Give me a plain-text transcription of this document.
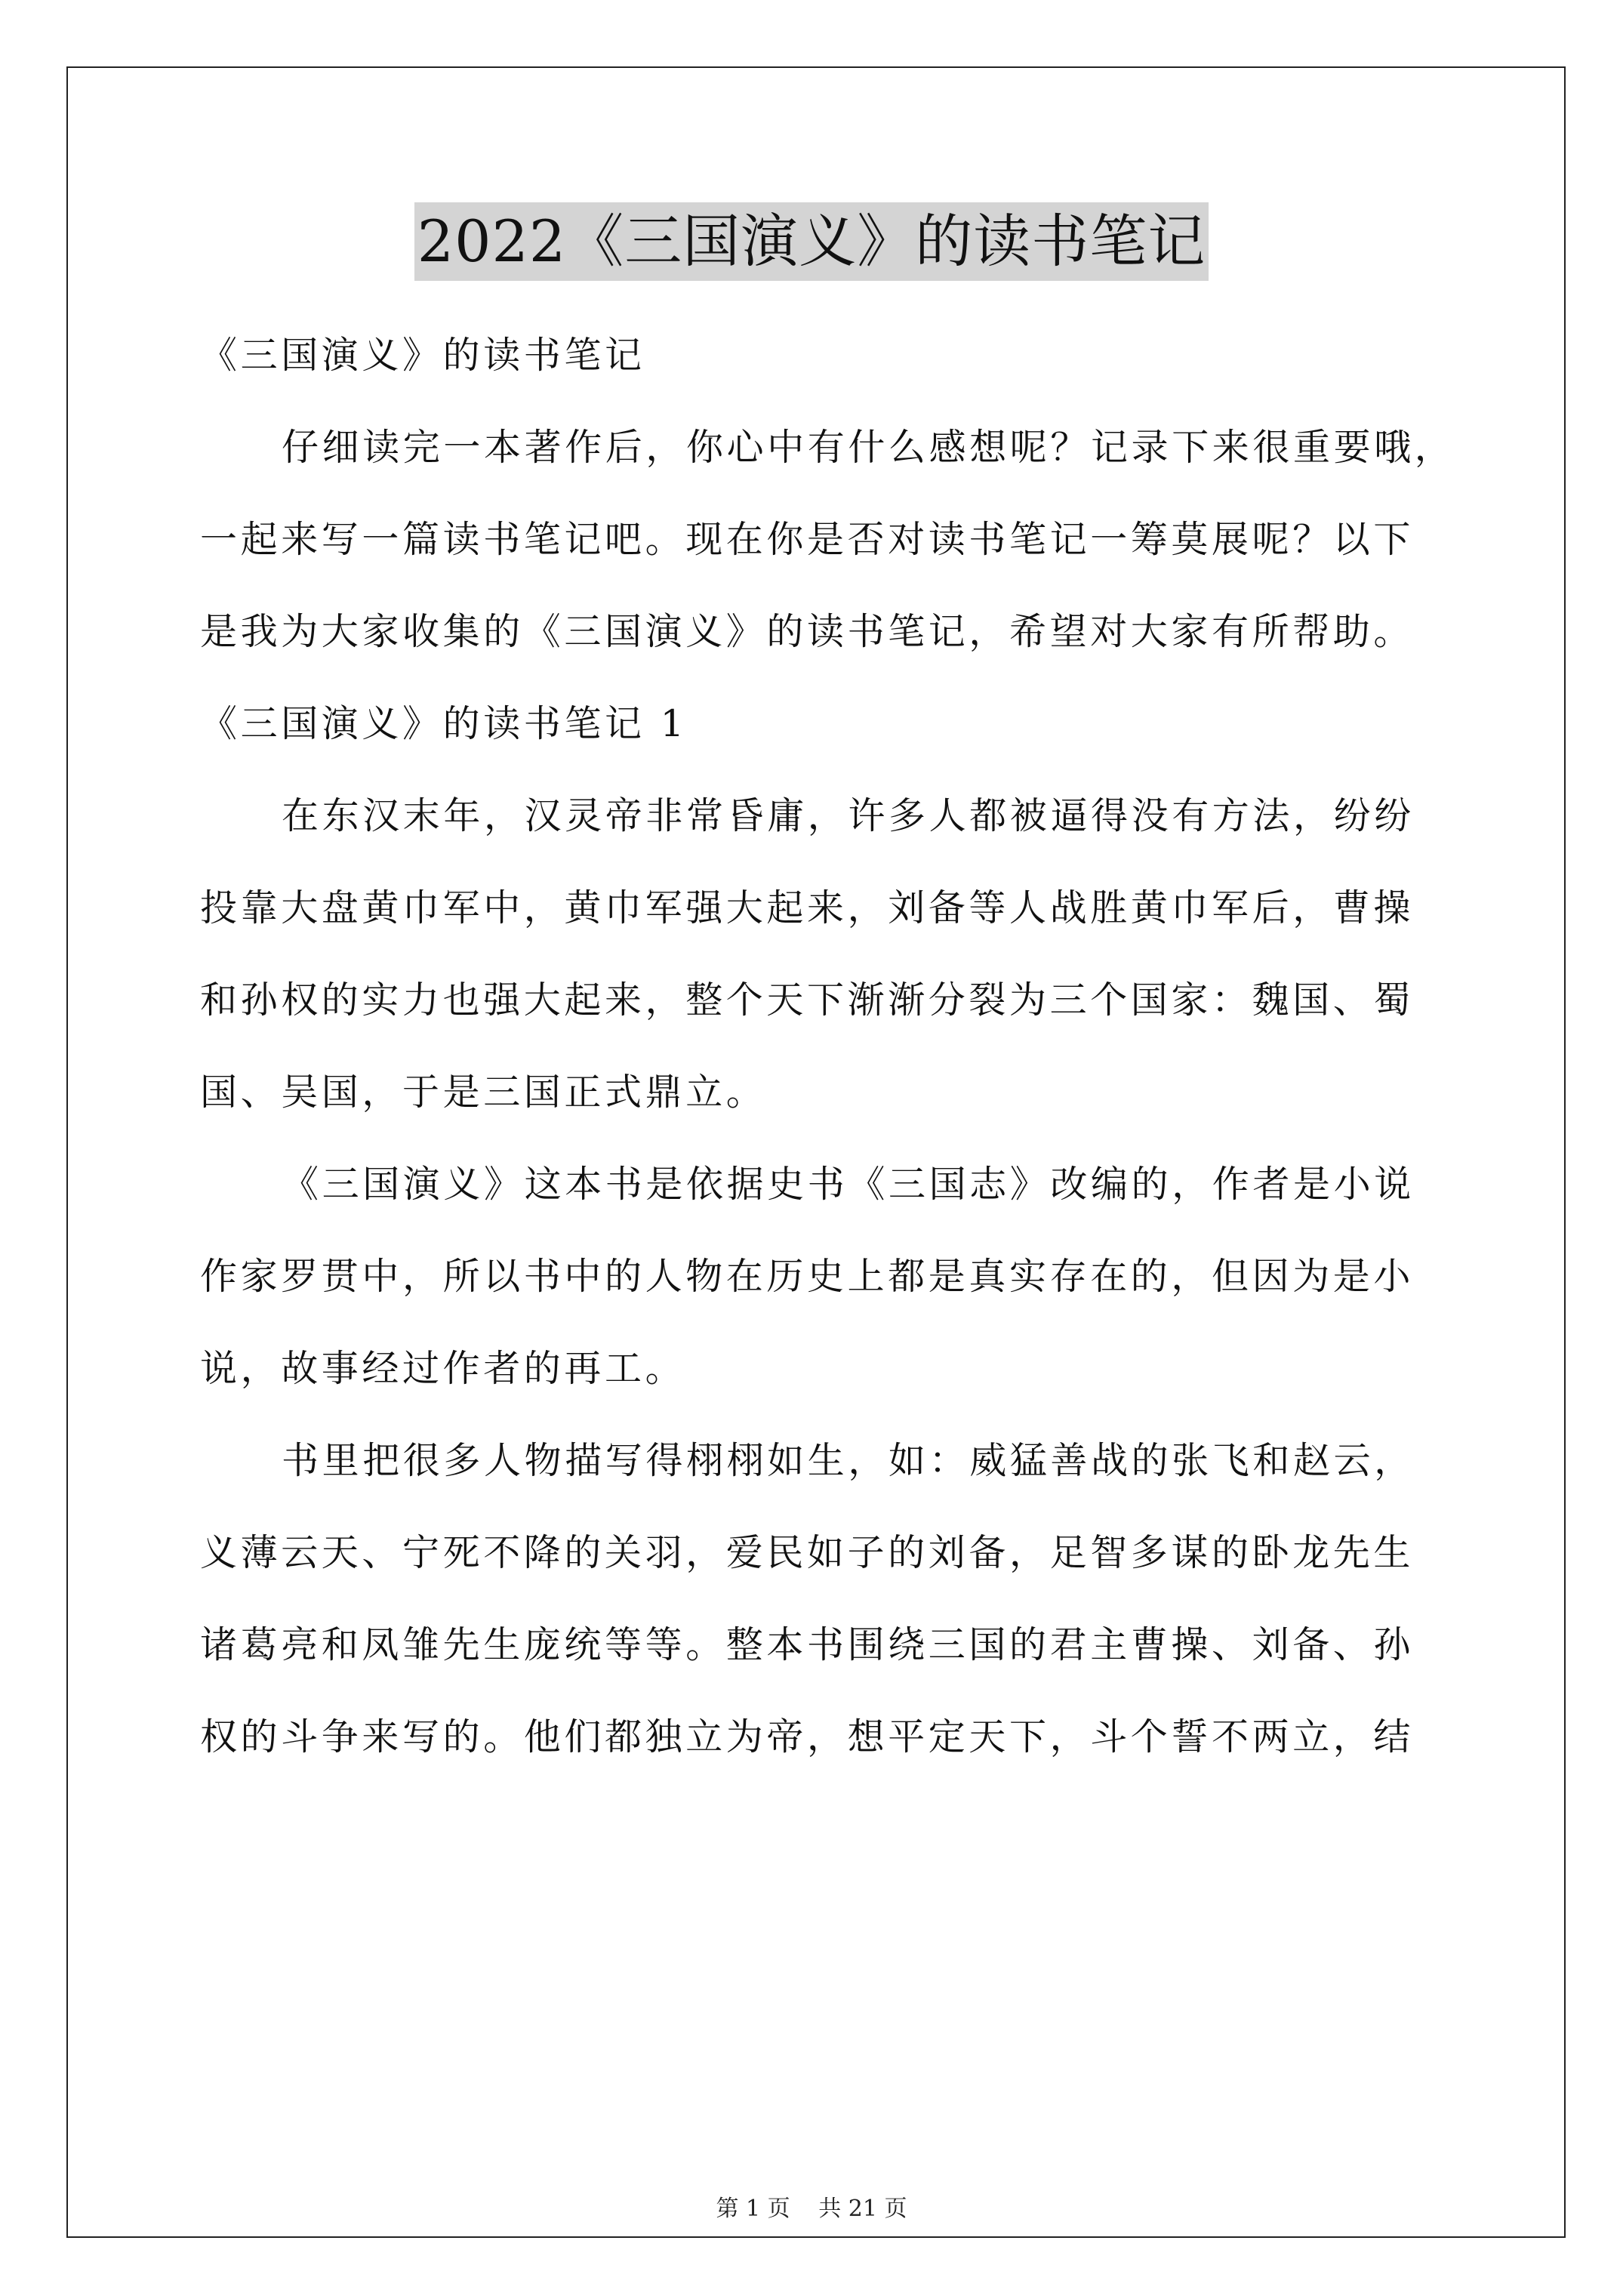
2022《三国演义》的读书笔记
《三国演义》的读书笔记
仔细读完一本著作后，你心中有什么感想呢？记录下来很重要哦，
一起来写一篇读书笔记吧。现在你是否对读书笔记一筹莫展呢？以下
是我为大家收集的《三国演义》的读书笔记，希望对大家有所帮助。
《三国演义》的读书笔记 1
在东汉末年，汉灵帝非常昏庸，许多人都被逼得没有方法，纷纷
投靠大盘黄巾军中，黄巾军强大起来，刘备等人战胜黄巾军后，曹操
和孙权的实力也强大起来，整个天下渐渐分裂为三个国家：魏国、蜀
国、吴国，于是三国正式鼎立。
《三国演义》这本书是依据史书《三国志》改编的，作者是小说
作家罗贯中，所以书中的人物在历史上都是真实存在的，但因为是小
说，故事经过作者的再工。
书里把很多人物描写得栩栩如生，如：威猛善战的张飞和赵云，
义薄云天、宁死不降的关羽，爱民如子的刘备，足智多谋的卧龙先生
诸葛亮和凤雏先生庞统等等。整本书围绕三国的君主曹操、刘备、孙
权的斗争来写的。他们都独立为帝，想平定天下，斗个誓不两立，结
第 1 页 共 21 页
